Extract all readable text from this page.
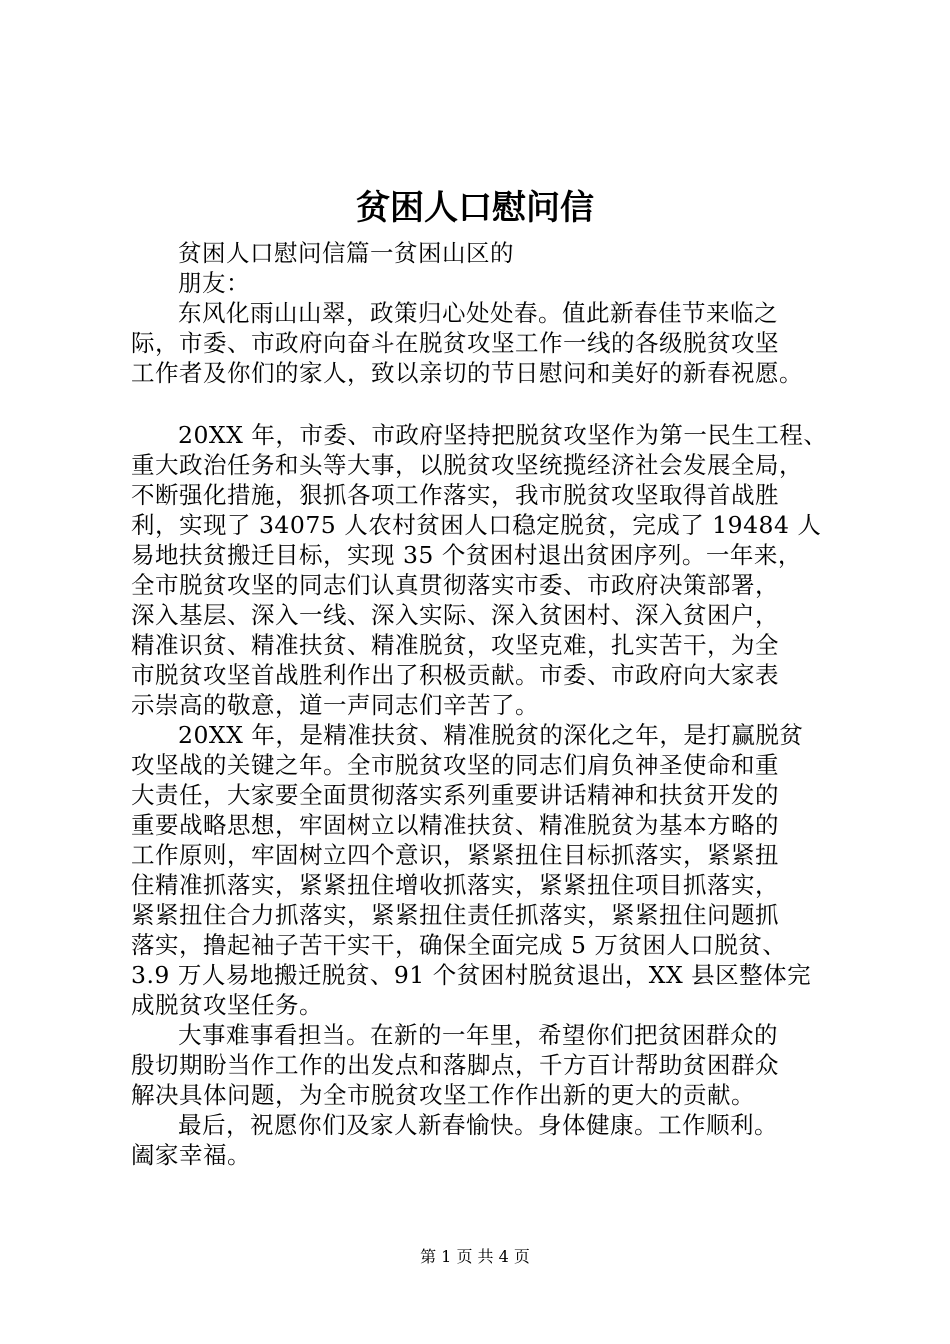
贫困人口慰问信
贫困人口慰问信篇一贫困山区的
朋友：
东风化雨山山翠，政策归心处处春。值此新春佳节来临之
际，市委、市政府向奋斗在脱贫攻坚工作一线的各级脱贫攻坚
工作者及你们的家人，致以亲切的节日慰问和美好的新春祝愿。
20XX 年，市委、市政府坚持把脱贫攻坚作为第一民生工程、
重大政治任务和头等大事，以脱贫攻坚统揽经济社会发展全局，
不断强化措施，狠抓各项工作落实，我市脱贫攻坚取得首战胜
利，实现了 34075 人农村贫困人口稳定脱贫，完成了 19484 人
易地扶贫搬迁目标，实现 35 个贫困村退出贫困序列。一年来，
全市脱贫攻坚的同志们认真贯彻落实市委、市政府决策部署，
深入基层、深入一线、深入实际、深入贫困村、深入贫困户，
精准识贫、精准扶贫、精准脱贫，攻坚克难，扎实苦干，为全
市脱贫攻坚首战胜利作出了积极贡献。市委、市政府向大家表
示崇高的敬意，道一声同志们辛苦了。
20XX 年，是精准扶贫、精准脱贫的深化之年，是打赢脱贫
攻坚战的关键之年。全市脱贫攻坚的同志们肩负神圣使命和重
大责任，大家要全面贯彻落实系列重要讲话精神和扶贫开发的
重要战略思想，牢固树立以精准扶贫、精准脱贫为基本方略的
工作原则，牢固树立四个意识，紧紧扭住目标抓落实，紧紧扭
住精准抓落实，紧紧扭住增收抓落实，紧紧扭住项目抓落实，
紧紧扭住合力抓落实，紧紧扭住责任抓落实，紧紧扭住问题抓
落实，撸起袖子苦干实干，确保全面完成 5 万贫困人口脱贫、
3.9 万人易地搬迁脱贫、91 个贫困村脱贫退出，XX 县区整体完
成脱贫攻坚任务。
大事难事看担当。在新的一年里，希望你们把贫困群众的
殷切期盼当作工作的出发点和落脚点，千方百计帮助贫困群众
解决具体问题，为全市脱贫攻坚工作作出新的更大的贡献。
最后，祝愿你们及家人新春愉快。身体健康。工作顺利。
阖家幸福。
第 1 页 共 4 页
